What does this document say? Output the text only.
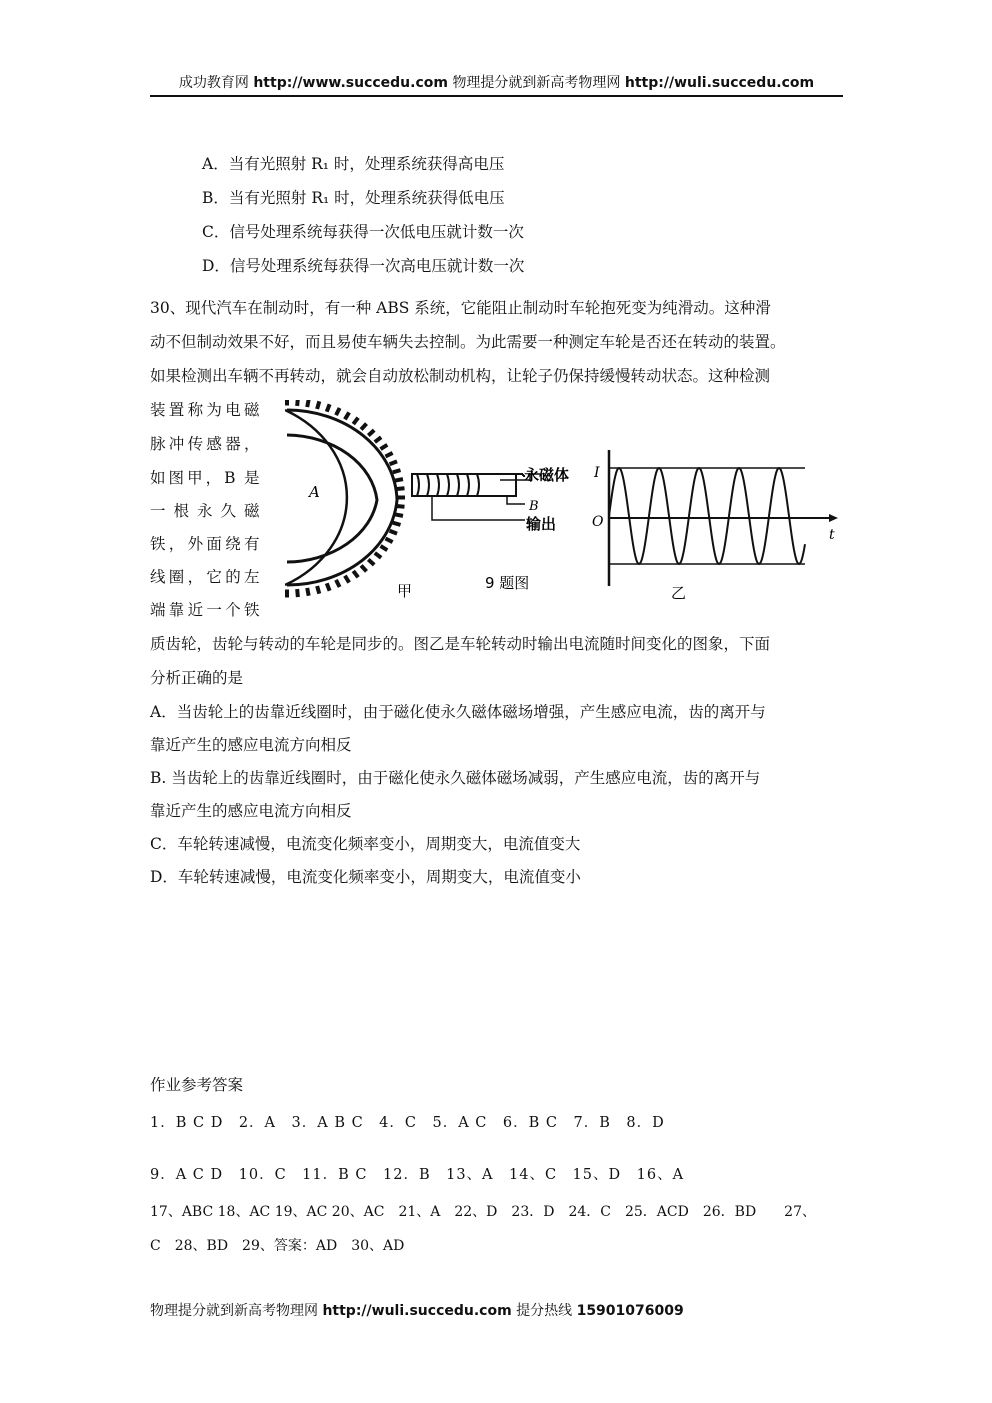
成功教育网 http://www.succedu.com 物理提分就到新高考物理网 http://wuli.succedu.com
A．当有光照射 R₁ 时，处理系统获得高电压
B．当有光照射 R₁ 时，处理系统获得低电压
C．信号处理系统每获得一次低电压就计数一次
D．信号处理系统每获得一次高电压就计数一次
30、现代汽车在制动时，有一种 ABS 系统，它能阻止制动时车轮抱死变为纯滑动。这种滑
动不但制动效果不好，而且易使车辆失去控制。为此需要一种测定车轮是否还在转动的装置。
如果检测出车辆不再转动，就会自动放松制动机构，让轮子仍保持缓慢转动状态。这种检测
装置称为电磁
脉冲传感器，
如图甲，B 是
一根永久磁
铁，外面绕有
线圈，它的左
端靠近一个铁
A
永磁体
B
输出
I
O
t
甲	9 题图
乙
质齿轮，齿轮与转动的车轮是同步的。图乙是车轮转动时输出电流随时间变化的图象，下面
分析正确的是
A．当齿轮上的齿靠近线圈时，由于磁化使永久磁体磁场增强，产生感应电流，齿的离开与
靠近产生的感应电流方向相反
B. 当齿轮上的齿靠近线圈时，由于磁化使永久磁体磁场减弱，产生感应电流，齿的离开与
靠近产生的感应电流方向相反
C．车轮转速减慢，电流变化频率变小，周期变大，电流值变大
D．车轮转速减慢，电流变化频率变小，周期变大，电流值变小
作业参考答案
1．B C D　2．A　3．A B C　4．C　5．A C　6．B C　7．B　8．D
9．A C D　10．C　11．B C　12．B　13、A　14、C　15、D　16、A
17、ABC 18、AC 19、AC 20、AC　21、A　22、D　23．D　24．C　25．ACD　26．BD　　27、
C　28、BD　29、答案：AD　30、AD
物理提分就到新高考物理网 http://wuli.succedu.com 提分热线 15901076009
